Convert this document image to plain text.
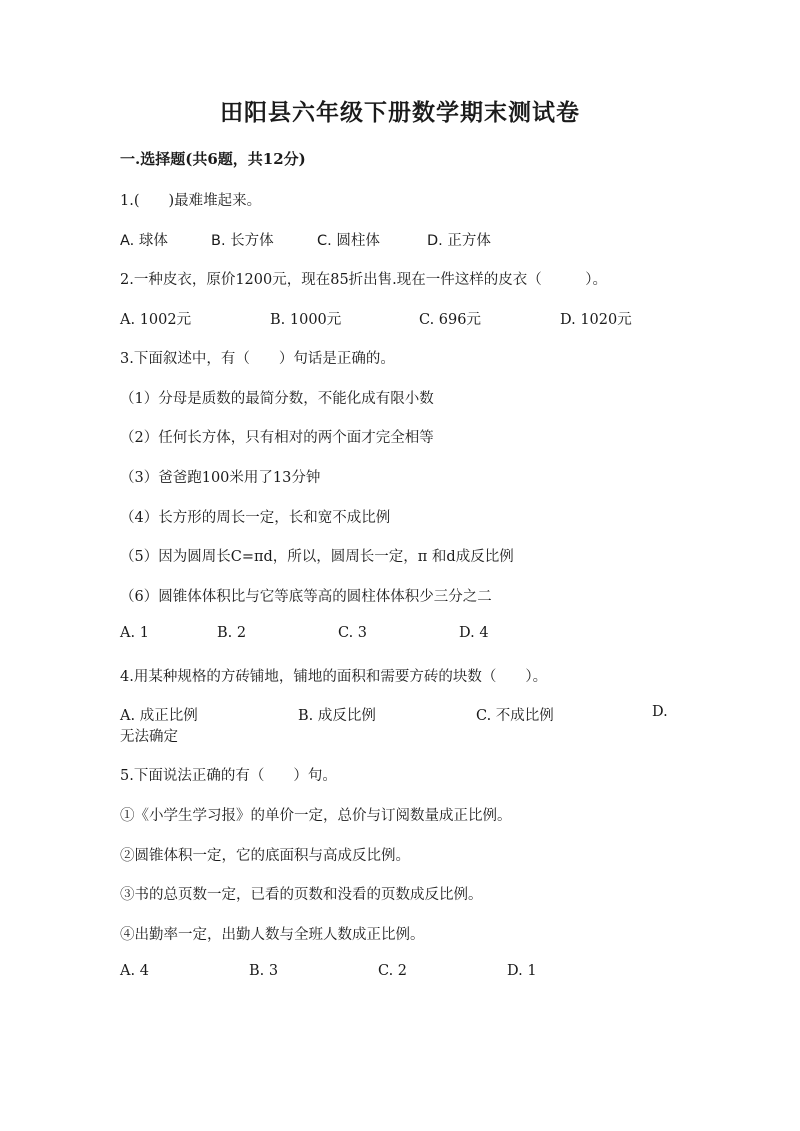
田阳县六年级下册数学期末测试卷
一.选择题(共6题，共12分)
1.(　　)最难堆起来。
A. 球体	B. 长方体	C. 圆柱体	D. 正方体
2.一种皮衣，原价1200元，现在85折出售.现在一件这样的皮衣（　　　）。
A. 1002元	B. 1000元	C. 696元	D. 1020元
3.下面叙述中，有（　　）句话是正确的。
（1）分母是质数的最简分数，不能化成有限小数
（2）任何长方体，只有相对的两个面才完全相等
（3）爸爸跑100米用了13分钟
（4）长方形的周长一定，长和宽不成比例
（5）因为圆周长C=πd，所以，圆周长一定，π 和d成反比例
（6）圆锥体体积比与它等底等高的圆柱体体积少三分之二
A. 1	B. 2	C. 3	D. 4
4.用某种规格的方砖铺地，铺地的面积和需要方砖的块数（　　）。
A. 成正比例	B. 成反比例	C. 不成比例	D.
无法确定
5.下面说法正确的有（　　）句。
①《小学生学习报》的单价一定，总价与订阅数量成正比例。
②圆锥体积一定，它的底面积与高成反比例。
③书的总页数一定，已看的页数和没看的页数成反比例。
④出勤率一定，出勤人数与全班人数成正比例。
A. 4	B. 3	C. 2	D. 1
